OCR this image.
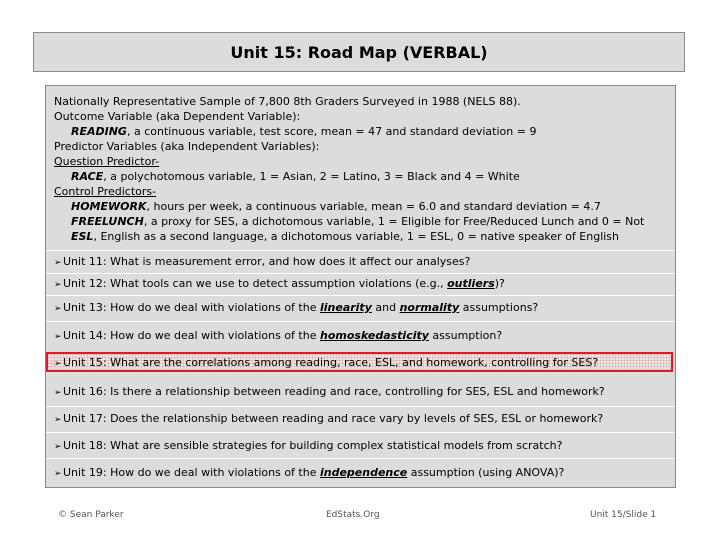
Unit 15: Road Map (VERBAL)
Nationally Representative Sample of 7,800 8th Graders Surveyed in 1988 (NELS 88).
Outcome Variable (aka Dependent Variable):
READING, a continuous variable, test score, mean = 47 and standard deviation = 9
Predictor Variables (aka Independent Variables):
Question Predictor-
RACE, a polychotomous variable, 1 = Asian, 2 = Latino, 3 = Black and 4 = White
Control Predictors-
HOMEWORK, hours per week, a continuous variable, mean = 6.0 and standard deviation = 4.7
FREELUNCH, a proxy for SES, a dichotomous variable, 1 = Eligible for Free/Reduced Lunch and 0 = Not
ESL, English as a second language, a dichotomous variable, 1 = ESL, 0 = native speaker of English
➢Unit 11: What is measurement error, and how does it affect our analyses?
➢Unit 12: What tools can we use to detect assumption violations (e.g., outliers)?
➢Unit 13: How do we deal with violations of the linearity and normality assumptions?
➢Unit 14: How do we deal with violations of the homoskedasticity assumption?
➢Unit 15: What are the correlations among reading, race, ESL, and homework, controlling for SES?
➢Unit 16: Is there a relationship between reading and race, controlling for SES, ESL and homework?
➢Unit 17: Does the relationship between reading and race vary by levels of SES, ESL or homework?
➢Unit 18: What are sensible strategies for building complex statistical models from scratch?
➢Unit 19: How do we deal with violations of the independence assumption (using ANOVA)?
© Sean Parker	EdStats.Org	Unit 15/Slide 1
